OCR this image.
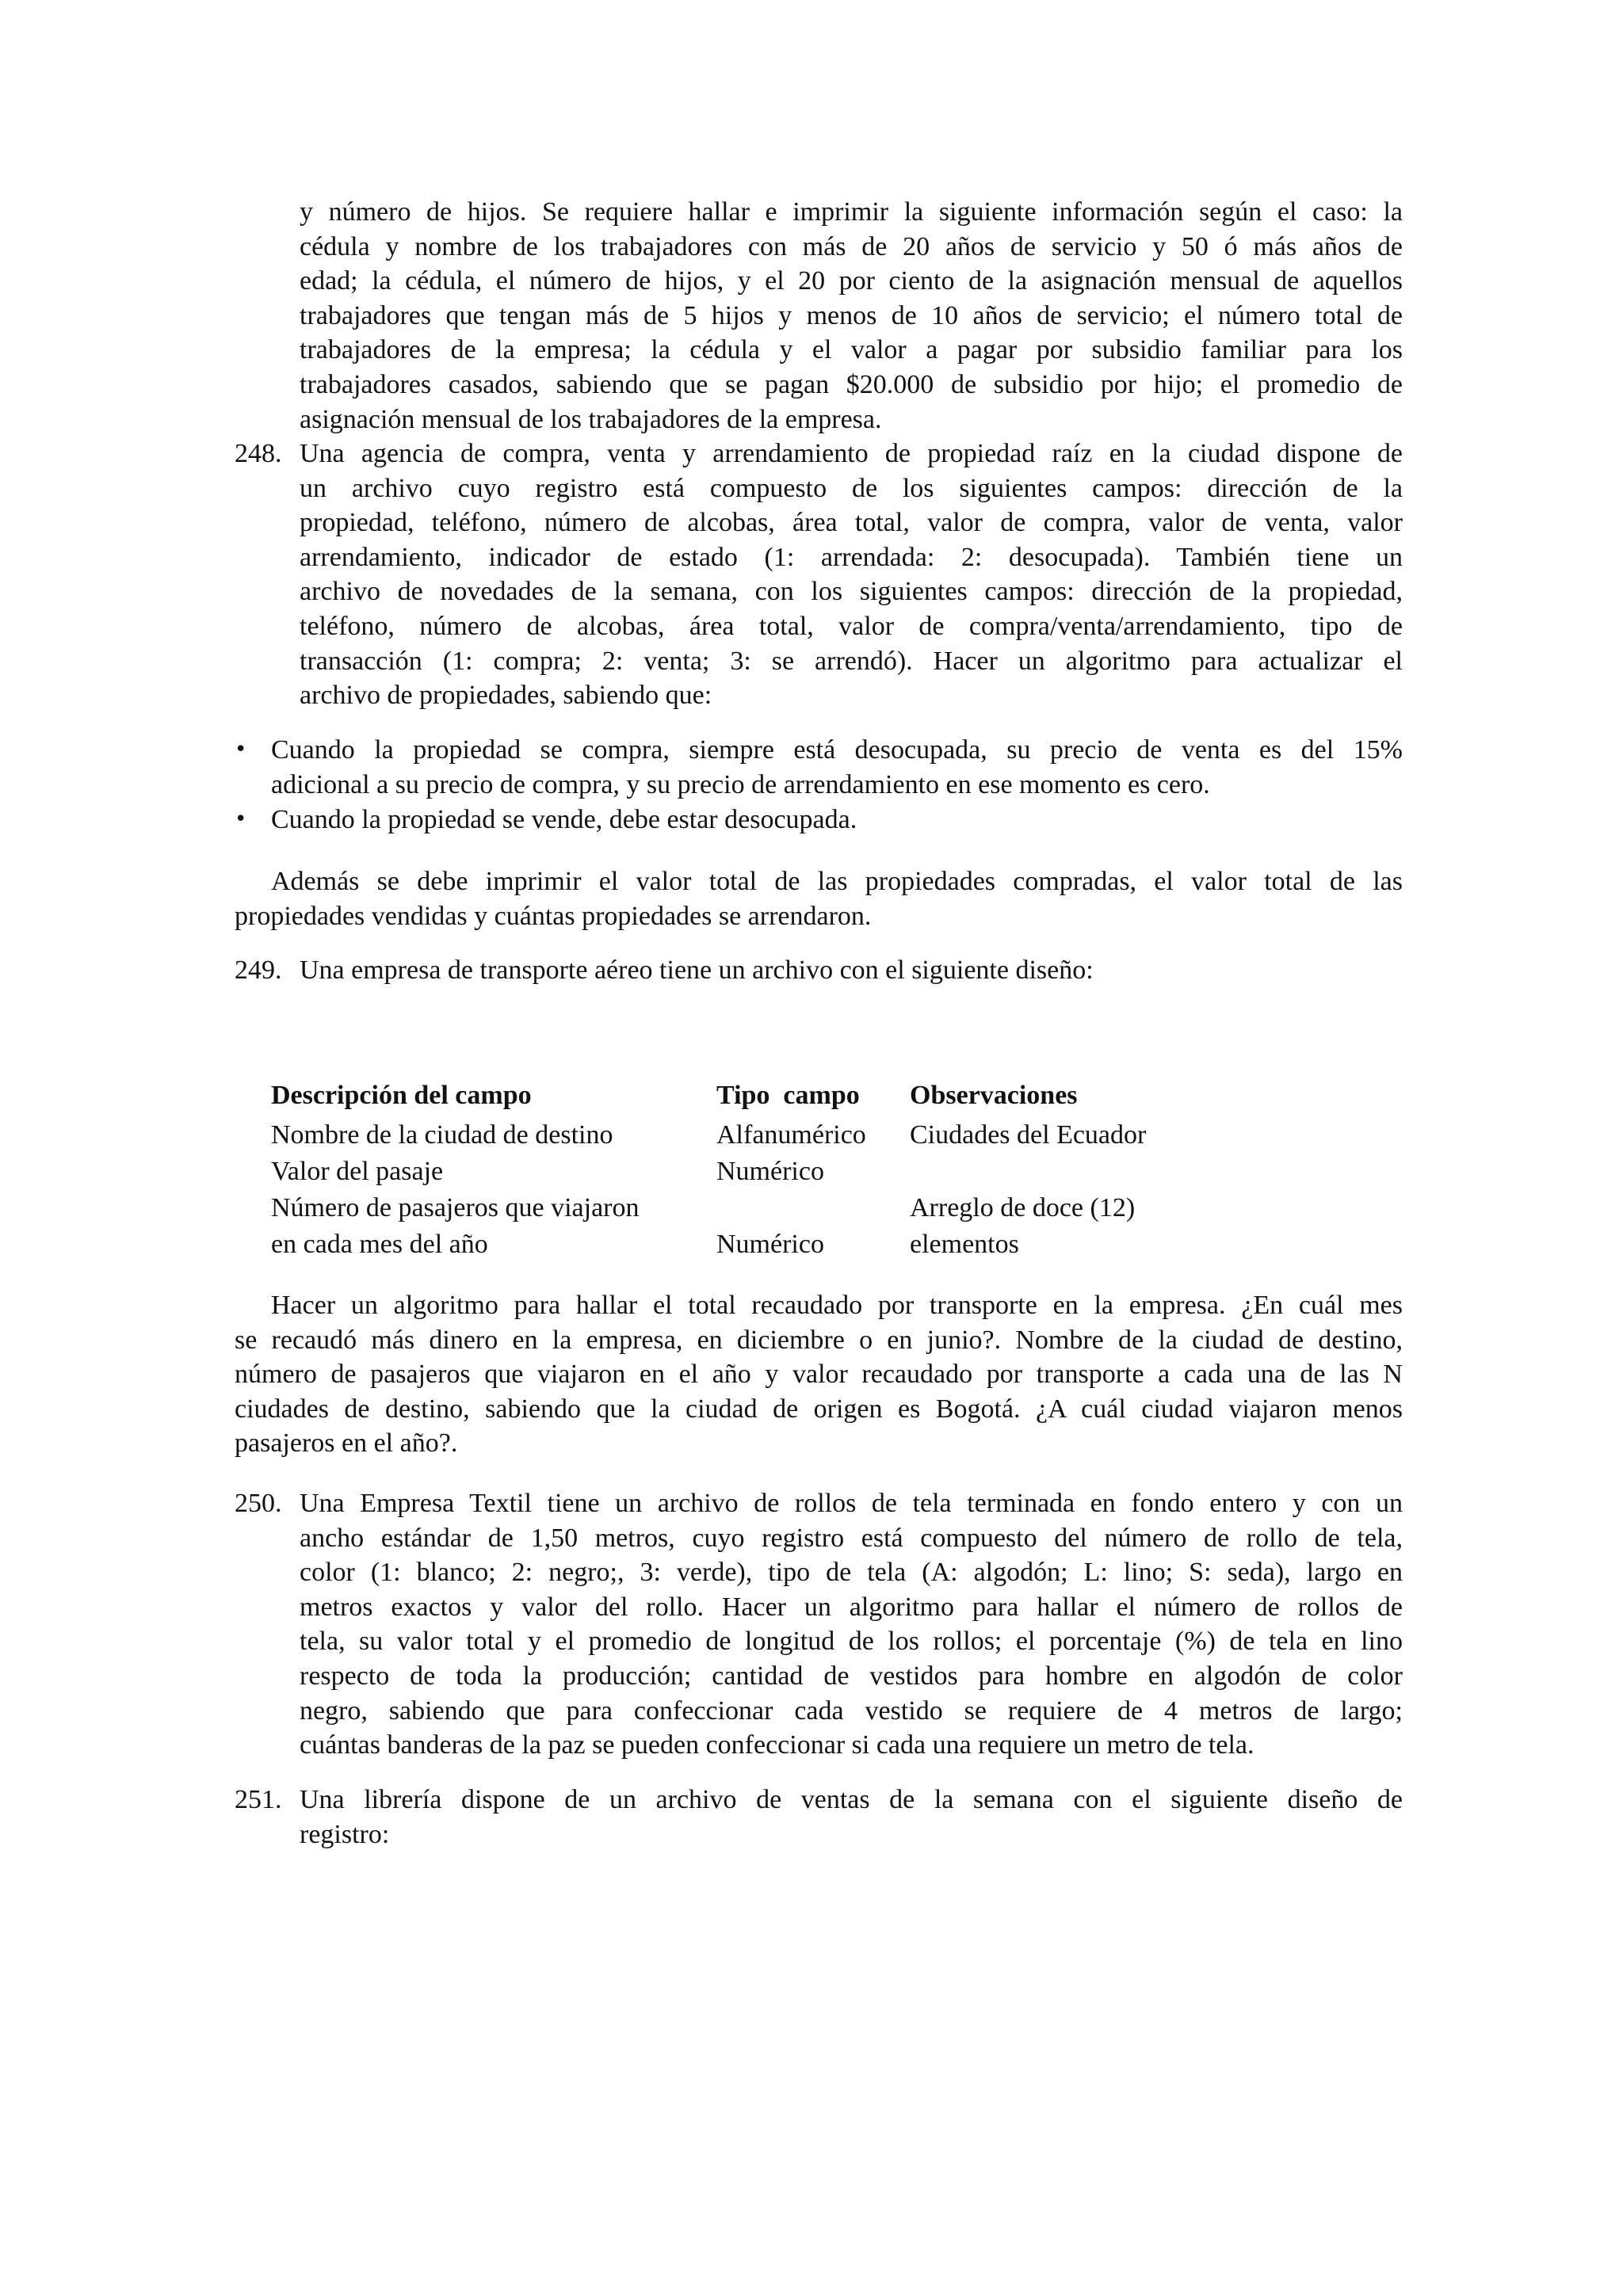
y número de hijos. Se requiere hallar e imprimir la siguiente información según el caso: la
cédula y nombre de los trabajadores con más de 20 años de servicio y 50 ó más años de
edad; la cédula, el número de hijos, y el 20 por ciento de la asignación mensual de aquellos
trabajadores que tengan más de 5 hijos y menos de 10 años de servicio; el número total de
trabajadores de la empresa; la cédula y el valor a pagar por subsidio familiar para los
trabajadores casados, sabiendo que se pagan $20.000 de subsidio por hijo; el promedio de
asignación mensual de los trabajadores de la empresa.
248. Una agencia de compra, venta y arrendamiento de propiedad raíz en la ciudad dispone de
un archivo cuyo registro está compuesto de los siguientes campos: dirección de la
propiedad, teléfono, número de alcobas, área total, valor de compra, valor de venta, valor
arrendamiento, indicador de estado (1: arrendada: 2: desocupada). También tiene un
archivo de novedades de la semana, con los siguientes campos: dirección de la propiedad,
teléfono, número de alcobas, área total, valor de compra/venta/arrendamiento, tipo de
transacción (1: compra; 2: venta; 3: se arrendó). Hacer un algoritmo para actualizar el
archivo de propiedades, sabiendo que:
• Cuando la propiedad se compra, siempre está desocupada, su precio de venta es del 15%
adicional a su precio de compra, y su precio de arrendamiento en ese momento es cero.
• Cuando la propiedad se vende, debe estar desocupada.
Además se debe imprimir el valor total de las propiedades compradas, el valor total de las
propiedades vendidas y cuántas propiedades se arrendaron.
249. Una empresa de transporte aéreo tiene un archivo con el siguiente diseño:
Descripción del campo	Tipo  campo	Observaciones
Nombre de la ciudad de destino	Alfanumérico	Ciudades del Ecuador
Valor del pasaje	Numérico	
Número de pasajeros que viajaron		Arreglo de doce (12)
en cada mes del año	Numérico	elementos
Hacer un algoritmo para hallar el total recaudado por transporte en la empresa. ¿En cuál mes
se recaudó más dinero en la empresa, en diciembre o en junio?. Nombre de la ciudad de destino,
número de pasajeros que viajaron en el año y valor recaudado por transporte a cada una de las N
ciudades de destino, sabiendo que la ciudad de origen es Bogotá. ¿A cuál ciudad viajaron menos
pasajeros en el año?.
250. Una Empresa Textil tiene un archivo de rollos de tela terminada en fondo entero y con un
ancho estándar de 1,50 metros, cuyo registro está compuesto del número de rollo de tela,
color (1: blanco; 2: negro;, 3: verde), tipo de tela (A: algodón; L: lino; S: seda), largo en
metros exactos y valor del rollo. Hacer un algoritmo para hallar el número de rollos de
tela, su valor total y el promedio de longitud de los rollos; el porcentaje (%) de tela en lino
respecto de toda la producción; cantidad de vestidos para hombre en algodón de color
negro, sabiendo que para confeccionar cada vestido se requiere de 4 metros de largo;
cuántas banderas de la paz se pueden confeccionar si cada una requiere un metro de tela.
251. Una librería dispone de un archivo de ventas de la semana con el siguiente diseño de
registro:
